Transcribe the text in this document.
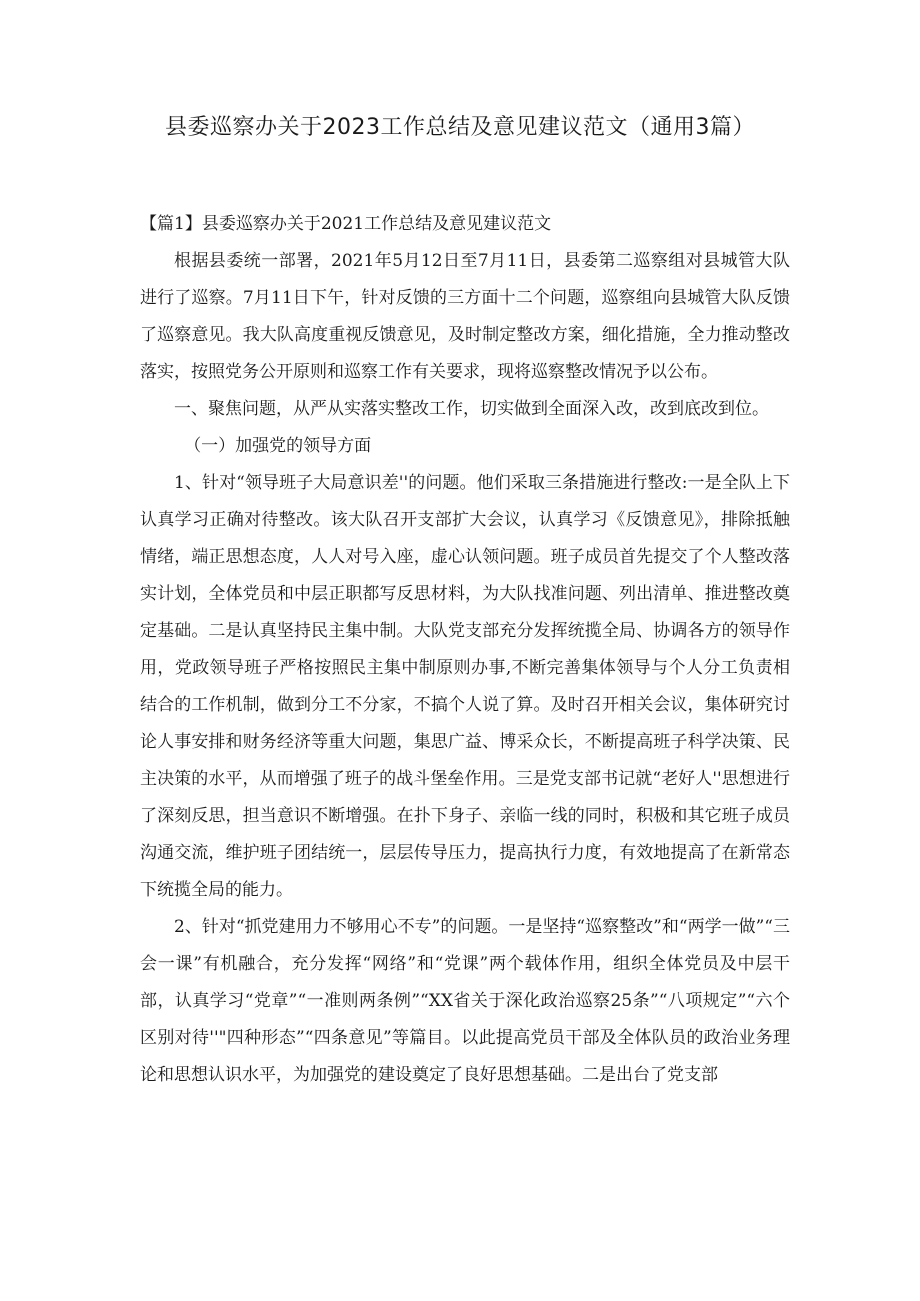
县委巡察办关于2023工作总结及意见建议范文（通用3篇）

【篇1】县委巡察办关于2021工作总结及意见建议范文

根据县委统一部署，2021年5月12日至7月11日，县委第二巡察组对县城管大队进行了巡察。7月11日下午，针对反馈的三方面十二个问题，巡察组向县城管大队反馈了巡察意见。我大队高度重视反馈意见，及时制定整改方案，细化措施，全力推动整改落实，按照党务公开原则和巡察工作有关要求，现将巡察整改情况予以公布。

一、聚焦问题，从严从实落实整改工作，切实做到全面深入改，改到底改到位。

（一）加强党的领导方面

1、针对“领导班子大局意识差''的问题。他们采取三条措施进行整改:一是全队上下认真学习正确对待整改。该大队召开支部扩大会议，认真学习《反馈意见》，排除抵触情绪，端正思想态度，人人对号入座，虚心认领问题。班子成员首先提交了个人整改落实计划，全体党员和中层正职都写反思材料，为大队找准问题、列出清单、推进整改奠定基础。二是认真坚持民主集中制。大队党支部充分发挥统揽全局、协调各方的领导作用，党政领导班子严格按照民主集中制原则办事,不断完善集体领导与个人分工负责相结合的工作机制，做到分工不分家，不搞个人说了算。及时召开相关会议，集体研究讨论人事安排和财务经济等重大问题，集思广益、博采众长，不断提高班子科学决策、民主决策的水平，从而增强了班子的战斗堡垒作用。三是党支部书记就“老好人''思想进行了深刻反思，担当意识不断增强。在扑下身子、亲临一线的同时，积极和其它班子成员沟通交流，维护班子团结统一，层层传导压力，提高执行力度，有效地提高了在新常态下统揽全局的能力。

2、针对“抓党建用力不够用心不专”的问题。一是坚持“巡察整改”和“两学一做”“三会一课”有机融合，充分发挥“网络”和“党课”两个载体作用，组织全体党员及中层干部，认真学习“党章”“一准则两条例”“XX省关于深化政治巡察25条”“八项规定”“六个区别对待''"四种形态”“四条意见”等篇目。以此提高党员干部及全体队员的政治业务理论和思想认识水平，为加强党的建设奠定了良好思想基础。二是出台了党支部
